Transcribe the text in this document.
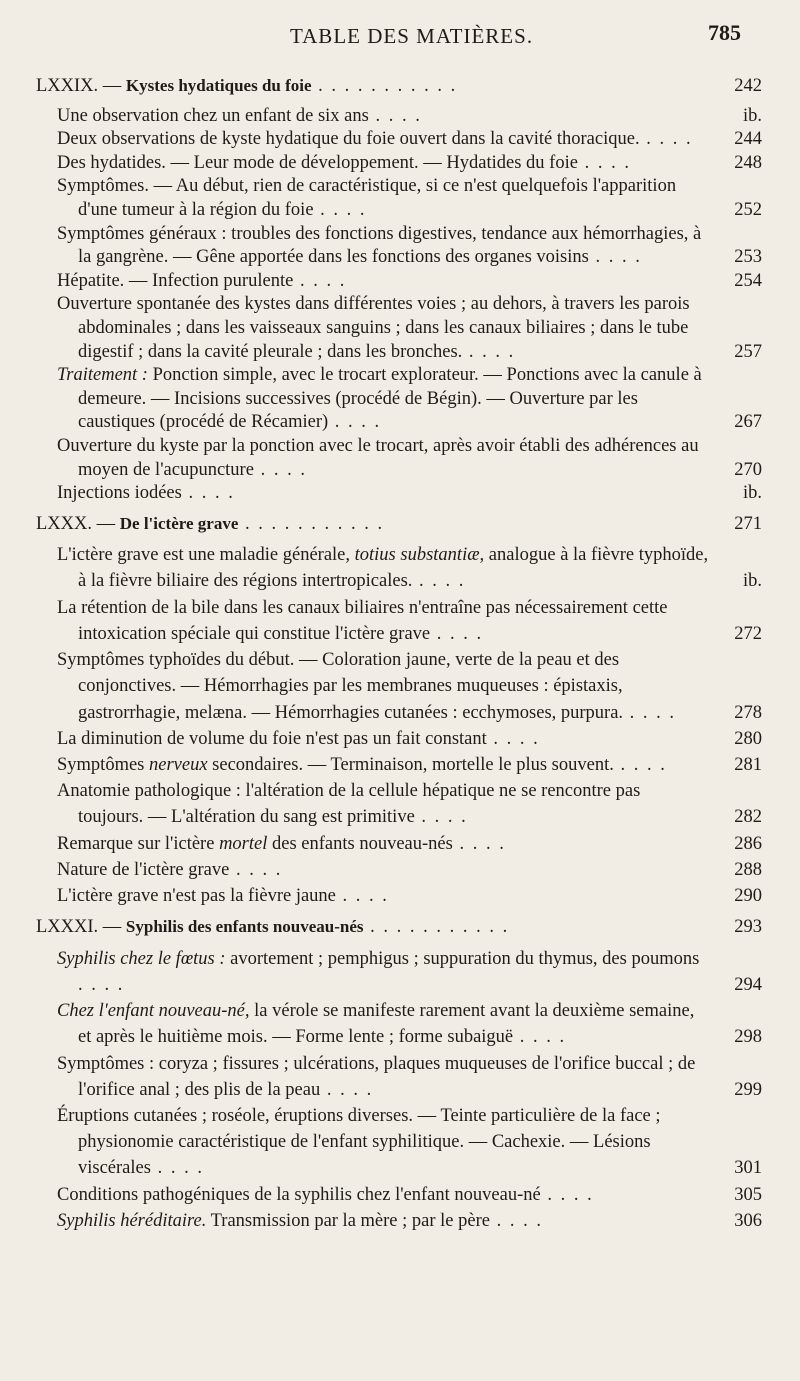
TABLE DES MATIÈRES.	785
LXXIX. — Kystes hydatiques du foie . . . . . . . . . . .	242
Une observation chez un enfant de six ans . . . .	ib.
Deux observations de kyste hydatique du foie ouvert dans la cavité thoracique. . . . .	244
Des hydatides. — Leur mode de développement. — Hydatides du foie . . . .	248
Symptômes. — Au début, rien de caractéristique, si ce n'est quelquefois l'apparition d'une tumeur à la région du foie . . . .	252
Symptômes généraux : troubles des fonctions digestives, tendance aux hémorrhagies, à la gangrène. — Gêne apportée dans les fonctions des organes voisins . . . .	253
Hépatite. — Infection purulente . . . .	254
Ouverture spontanée des kystes dans différentes voies ; au dehors, à travers les parois abdominales ; dans les vaisseaux sanguins ; dans les canaux biliaires ; dans le tube digestif ; dans la cavité pleurale ; dans les bronches. . . . .	257
Traitement : Ponction simple, avec le trocart explorateur. — Ponctions avec la canule à demeure. — Incisions successives (procédé de Bégin). — Ouverture par les caustiques (procédé de Récamier) . . . .	267
Ouverture du kyste par la ponction avec le trocart, après avoir établi des adhérences au moyen de l'acupuncture . . . .	270
Injections iodées . . . .	ib.
LXXX. — De l'ictère grave . . . . . . . . . . .	271
L'ictère grave est une maladie générale, totius substantiæ, analogue à la fièvre typhoïde, à la fièvre biliaire des régions intertropicales. . . . .	ib.
La rétention de la bile dans les canaux biliaires n'entraîne pas nécessairement cette intoxication spéciale qui constitue l'ictère grave . . . .	272
Symptômes typhoïdes du début. — Coloration jaune, verte de la peau et des conjonctives. — Hémorrhagies par les membranes muqueuses : épistaxis, gastrorrhagie, melæna. — Hémorrhagies cutanées : ecchymoses, purpura. . . . .	278
La diminution de volume du foie n'est pas un fait constant . . . .	280
Symptômes nerveux secondaires. — Terminaison, mortelle le plus souvent. . . . .	281
Anatomie pathologique : l'altération de la cellule hépatique ne se rencontre pas toujours. — L'altération du sang est primitive . . . .	282
Remarque sur l'ictère mortel des enfants nouveau-nés . . . .	286
Nature de l'ictère grave . . . .	288
L'ictère grave n'est pas la fièvre jaune . . . .	290
LXXXI. — Syphilis des enfants nouveau-nés . . . . . . . . . . .	293
Syphilis chez le fœtus : avortement ; pemphigus ; suppuration du thymus, des poumons . . . .	294
Chez l'enfant nouveau-né, la vérole se manifeste rarement avant la deuxième semaine, et après le huitième mois. — Forme lente ; forme subaiguë . . . .	298
Symptômes : coryza ; fissures ; ulcérations, plaques muqueuses de l'orifice buccal ; de l'orifice anal ; des plis de la peau . . . .	299
Éruptions cutanées ; roséole, éruptions diverses. — Teinte particulière de la face ; physionomie caractéristique de l'enfant syphilitique. — Cachexie. — Lésions viscérales . . . .	301
Conditions pathogéniques de la syphilis chez l'enfant nouveau-né . . . .	305
Syphilis héréditaire. Transmission par la mère ; par le père . . . .	306
